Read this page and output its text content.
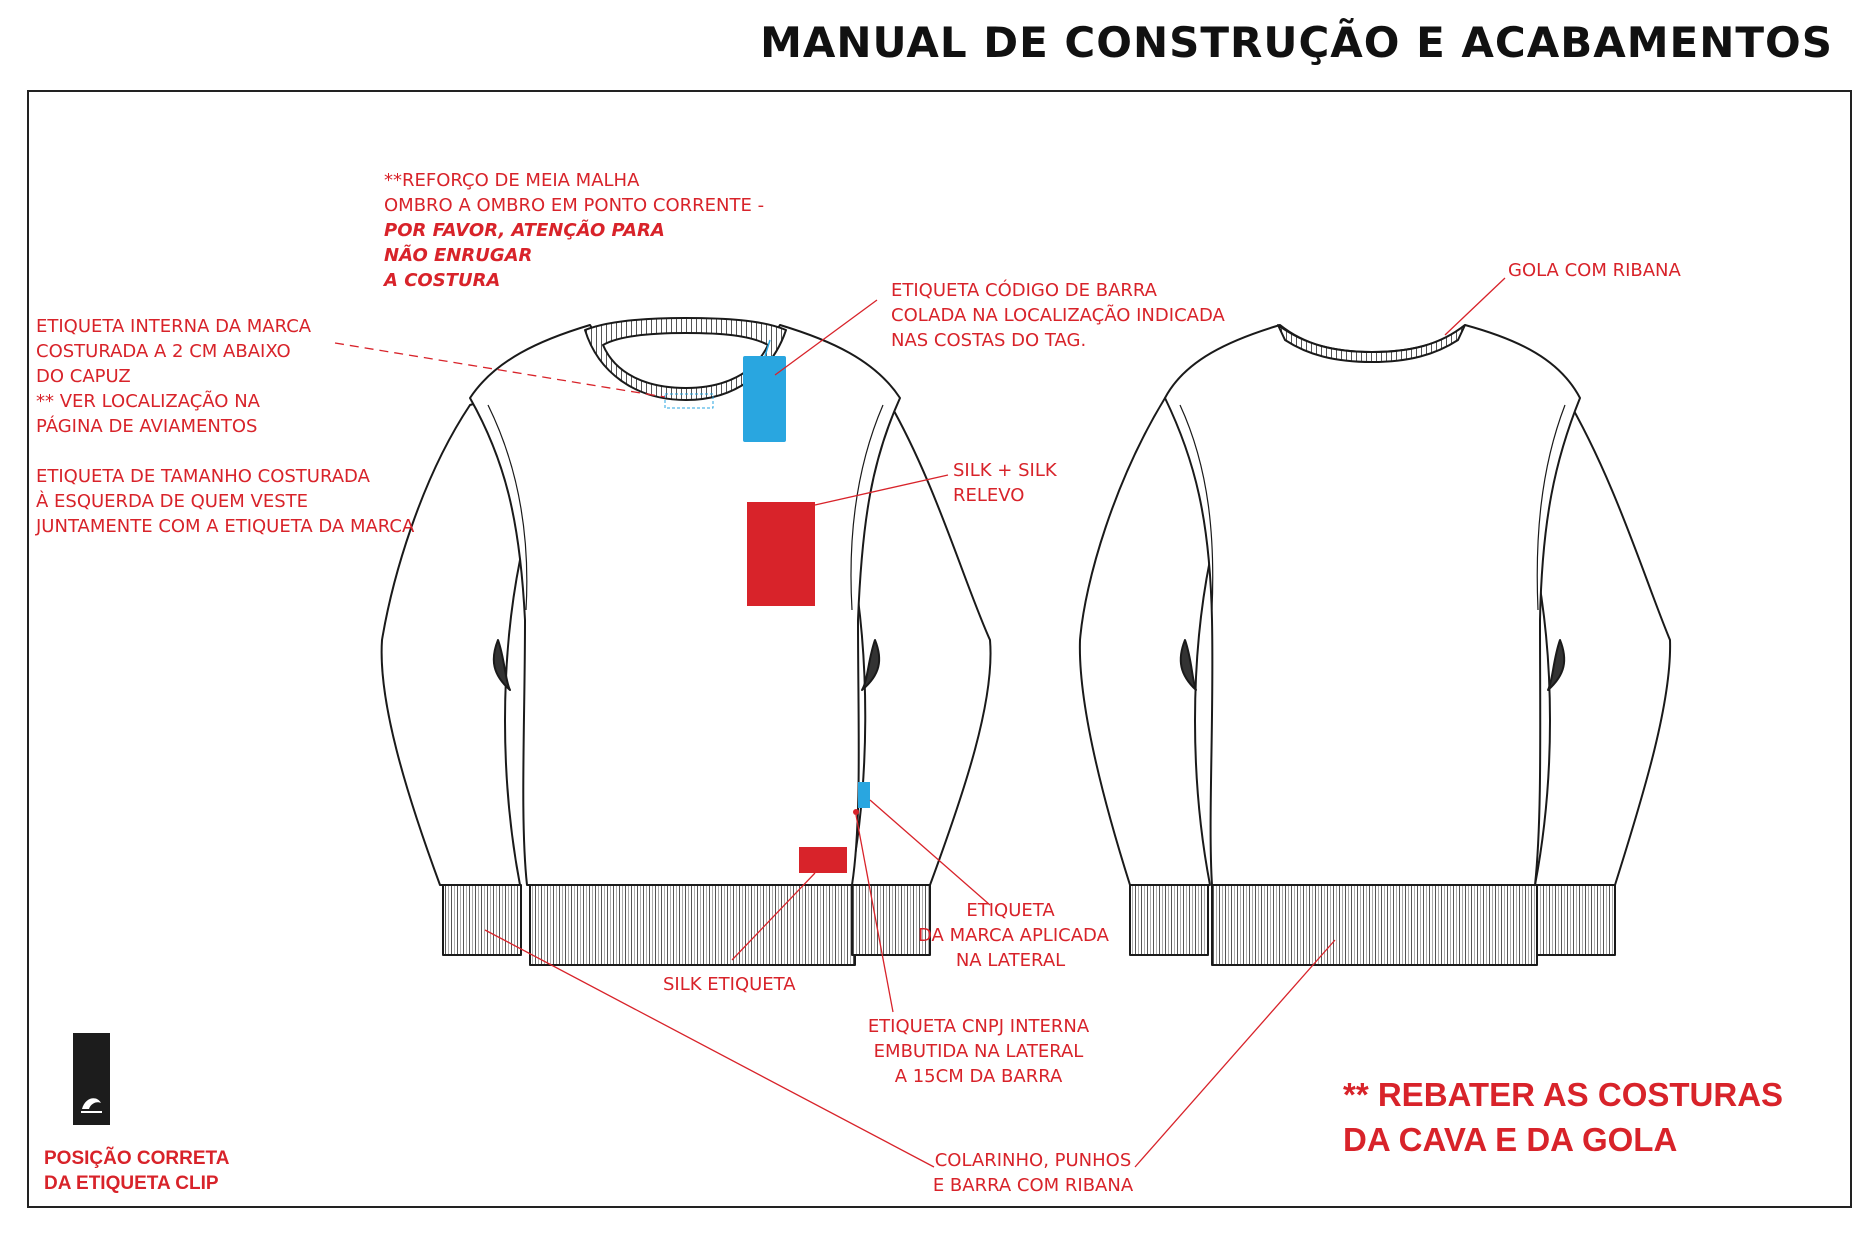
MANUAL DE CONSTRUÇÃO E ACABAMENTOS
**REFORÇO DE MEIA MALHA
OMBRO A OMBRO EM PONTO CORRENTE -
POR FAVOR, ATENÇÃO PARA
NÃO ENRUGAR
A COSTURA
ETIQUETA INTERNA DA MARCA
COSTURADA A 2 CM ABAIXO
DO CAPUZ
** VER LOCALIZAÇÃO NA
PÁGINA DE AVIAMENTOS
ETIQUETA DE TAMANHO COSTURADA
À ESQUERDA DE QUEM VESTE
JUNTAMENTE COM A ETIQUETA DA MARCA
ETIQUETA CÓDIGO DE BARRA
COLADA NA LOCALIZAÇÃO INDICADA
NAS COSTAS DO TAG.
SILK + SILK
RELEVO
GOLA COM RIBANA
ETIQUETA
DA MARCA APLICADA
NA LATERAL
SILK ETIQUETA
ETIQUETA CNPJ INTERNA
EMBUTIDA NA LATERAL
A 15CM DA BARRA
COLARINHO, PUNHOS
E BARRA COM RIBANA
** REBATER AS COSTURAS
DA CAVA E DA GOLA
POSIÇÃO CORRETA
DA ETIQUETA CLIP
